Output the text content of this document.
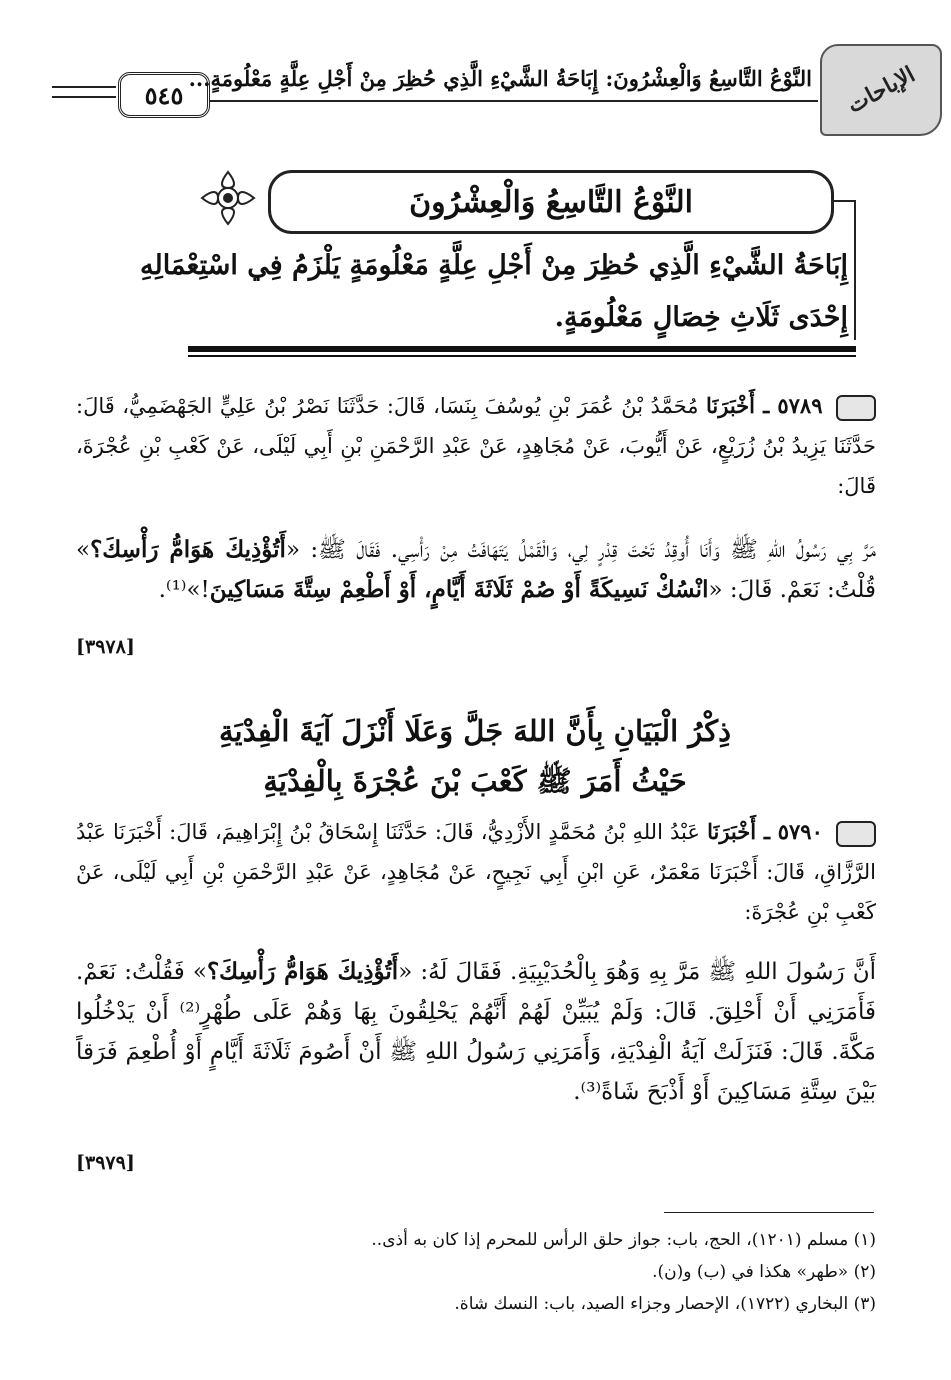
٥٤٥
النَّوْعُ التَّاسِعُ وَالْعِشْرُونَ: إِبَاحَةُ الشَّيْءِ الَّذِي حُظِرَ مِنْ أَجْلِ عِلَّةٍ مَعْلُومَةٍ... الإباحات
النَّوْعُ التَّاسِعُ وَالْعِشْرُونَ
إِبَاحَةُ الشَّيْءِ الَّذِي حُظِرَ مِنْ أَجْلِ عِلَّةٍ مَعْلُومَةٍ يَلْزَمُ فِي اسْتِعْمَالِهِ إِحْدَى ثَلَاثِ خِصَالٍ مَعْلُومَةٍ.
٥٧٨٩ ـ أَخْبَرَنَا مُحَمَّدُ بْنُ عُمَرَ بْنِ يُوسُفَ بِنَسَا، قَالَ: حَدَّثَنَا نَصْرُ بْنُ عَلِيٍّ الجَهْضَمِيُّ، قَالَ: حَدَّثَنَا يَزِيدُ بْنُ زُرَيْعٍ، عَنْ أَيُّوبَ، عَنْ مُجَاهِدٍ، عَنْ عَبْدِ الرَّحْمَنِ بْنِ أَبِي لَيْلَى، عَنْ كَعْبِ بْنِ عُجْرَةَ، قَالَ:
مَرَّ بِي رَسُولُ اللهِ ﷺ وَأَنَا أُوقِدُ تَحْتَ قِدْرٍ لِي، وَالْقَمْلُ يَتَهَافَتُ مِنْ رَأْسِي. فَقَالَ ﷺ: «أَتُؤْذِيكَ هَوَامُّ رَأْسِكَ؟» قُلْتُ: نَعَمْ. قَالَ: «انْسُكْ نَسِيكَةً أَوْ صُمْ ثَلَاثَةَ أَيَّامٍ، أَوْ أَطْعِمْ سِتَّةَ مَسَاكِينَ!»⁽¹⁾.
[٣٩٧٨]
ذِكْرُ الْبَيَانِ بِأَنَّ اللهَ جَلَّ وَعَلَا أَنْزَلَ آيَةَ الْفِدْيَةِ
حَيْثُ أَمَرَ ﷺ كَعْبَ بْنَ عُجْرَةَ بِالْفِدْيَةِ
٥٧٩٠ ـ أَخْبَرَنَا عَبْدُ اللهِ بْنُ مُحَمَّدٍ الأَزْدِيُّ، قَالَ: حَدَّثَنَا إِسْحَاقُ بْنُ إِبْرَاهِيمَ، قَالَ: أَخْبَرَنَا عَبْدُ الرَّزَّاقِ، قَالَ: أَخْبَرَنَا مَعْمَرٌ، عَنِ ابْنِ أَبِي نَجِيحٍ، عَنْ مُجَاهِدٍ، عَنْ عَبْدِ الرَّحْمَنِ بْنِ أَبِي لَيْلَى، عَنْ كَعْبِ بْنِ عُجْرَةَ:
أَنَّ رَسُولَ اللهِ ﷺ مَرَّ بِهِ وَهُوَ بِالْحُدَيْبِيَةِ. فَقَالَ لَهُ: «أَتُؤْذِيكَ هَوَامُّ رَأْسِكَ؟» فَقُلْتُ: نَعَمْ. فَأَمَرَنِي أَنْ أَحْلِقَ. قَالَ: وَلَمْ يُبَيِّنْ لَهُمْ أَنَّهُمْ يَحْلِقُونَ بِهَا وَهُمْ عَلَى طُهْرٍ⁽²⁾ أَنْ يَدْخُلُوا مَكَّةَ. قَالَ: فَنَزَلَتْ آيَةُ الْفِدْيَةِ، وَأَمَرَنِي رَسُولُ اللهِ ﷺ أَنْ أَصُومَ ثَلَاثَةَ أَيَّامٍ أَوْ أُطْعِمَ فَرَقاً بَيْنَ سِتَّةِ مَسَاكِينَ أَوْ أَذْبَحَ شَاةً⁽³⁾.
[٣٩٧٩]
(١) مسلم (١٢٠١)، الحج، باب: جواز حلق الرأس للمحرم إذا كان به أذى..
(٢) «طهر» هكذا في (ب) و(ن).
(٣) البخاري (١٧٢٢)، الإحصار وجزاء الصيد، باب: النسك شاة.
